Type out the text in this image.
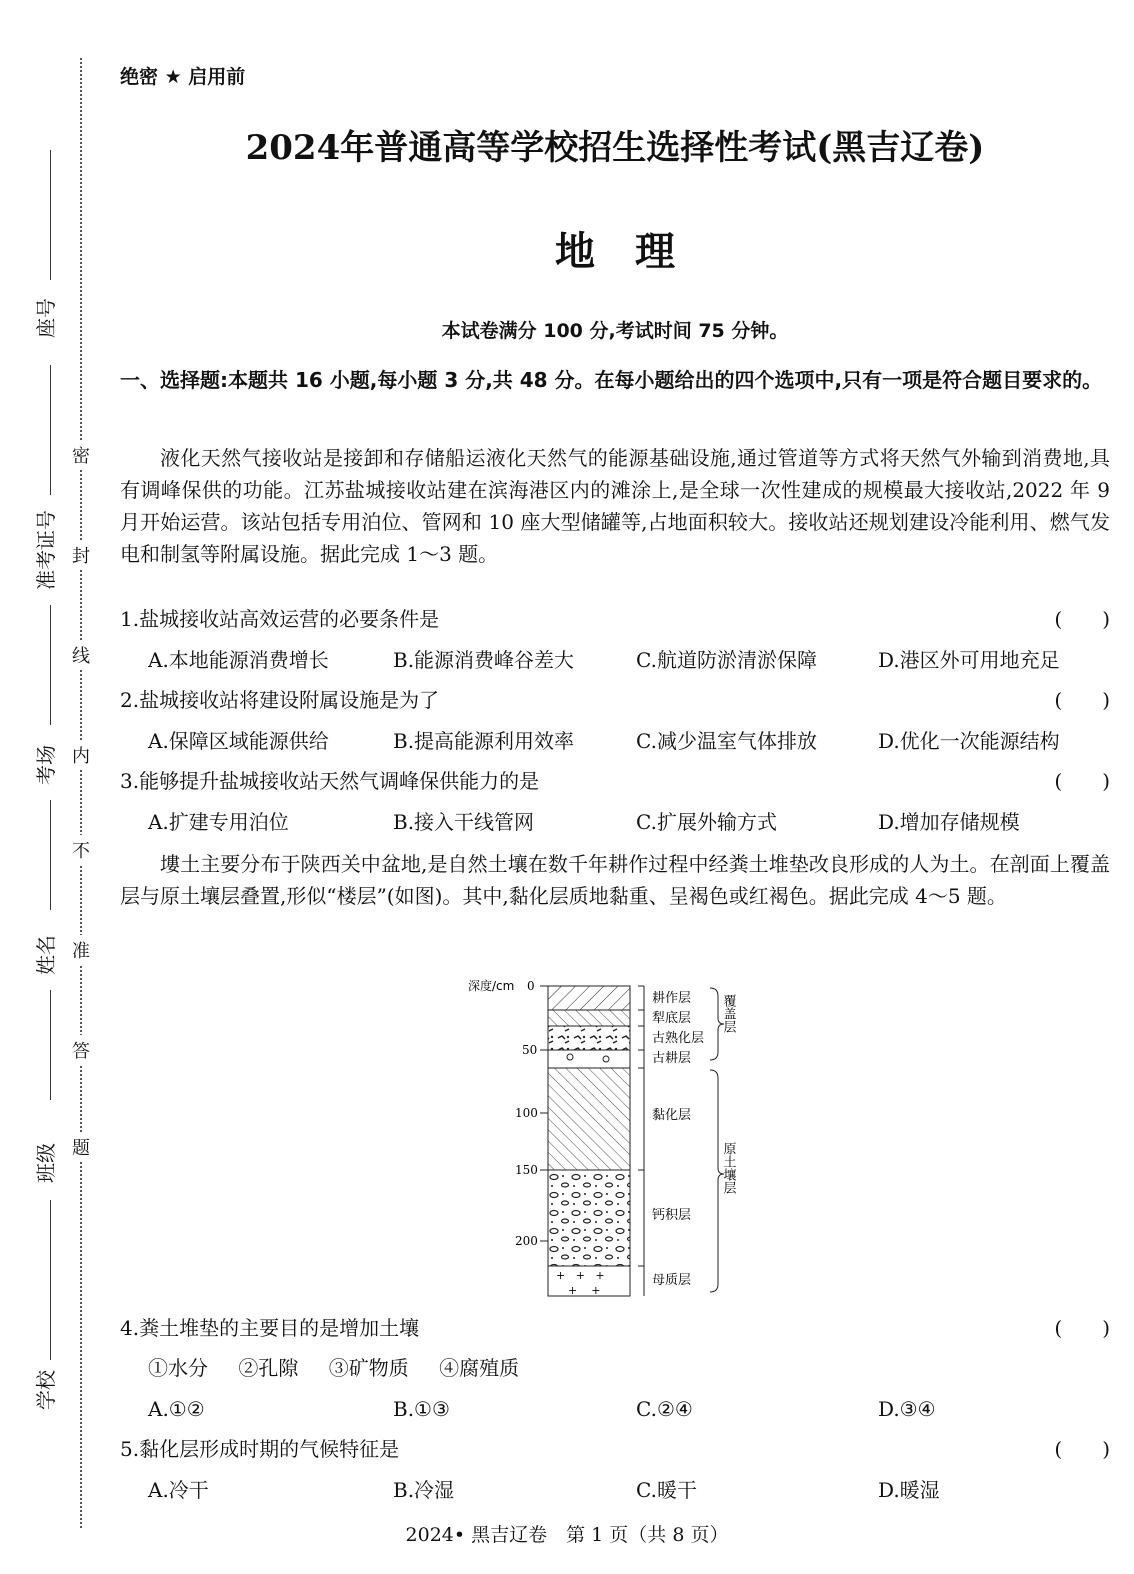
座号
准考证号
考场
姓名
班级
学校
密
封
线
内
不
准
答
题
绝密 ★ 启用前
2024年普通高等学校招生选择性考试(黑吉辽卷)
地理
本试卷满分 100 分,考试时间 75 分钟。
一、选择题:本题共 16 小题,每小题 3 分,共 48 分。在每小题给出的四个选项中,只有一项是符合题目要求的。
液化天然气接收站是接卸和存储船运液化天然气的能源基础设施,通过管道等方式将天然气外输到消费地,具有调峰保供的功能。江苏盐城接收站建在滨海港区内的滩涂上,是全球一次性建成的规模最大接收站,2022 年 9 月开始运营。该站包括专用泊位、管网和 10 座大型储罐等,占地面积较大。接收站还规划建设冷能利用、燃气发电和制氢等附属设施。据此完成 1～3 题。
1.盐城接收站高效运营的必要条件是	(　　)
A.本地能源消费增长	B.能源消费峰谷差大	C.航道防淤清淤保障	D.港区外可用地充足
2.盐城接收站将建设附属设施是为了	(　　)
A.保障区域能源供给	B.提高能源利用效率	C.减少温室气体排放	D.优化一次能源结构
3.能够提升盐城接收站天然气调峰保供能力的是	(　　)
A.扩建专用泊位	B.接入干线管网	C.扩展外输方式	D.增加存储规模
塿土主要分布于陕西关中盆地,是自然土壤在数千年耕作过程中经粪土堆垫改良形成的人为土。在剖面上覆盖层与原土壤层叠置,形似“楼层”(如图)。其中,黏化层质地黏重、呈褐色或红褐色。据此完成 4～5 题。
4.粪土堆垫的主要目的是增加土壤	(　　)
①水分 ②孔隙 ③矿物质 ④腐殖质
A.①②	B.①③	C.②④	D.③④
5.黏化层形成时期的气候特征是	(　　)
A.冷干	B.冷湿	C.暖干	D.暖湿
深度/cm 0
50
100
150
200
+   +   +
+    +
耕作层
犁底层
古熟化层
古耕层
黏化层
钙积层
母质层
覆盖层
原土壤层
2024• 黑吉辽卷　第 1 页（共 8 页）
